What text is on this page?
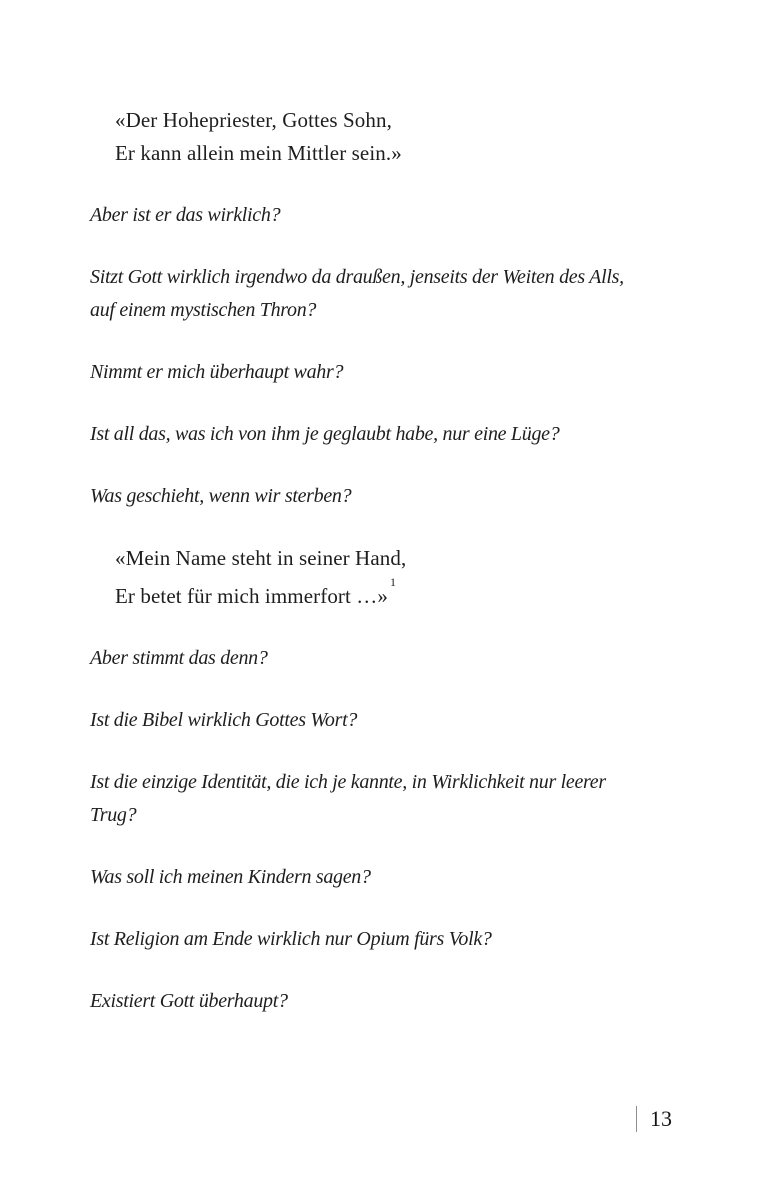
«Der Hohepriester, Gottes Sohn,
Er kann allein mein Mittler sein.»
Aber ist er das wirklich?
Sitzt Gott wirklich irgendwo da draußen, jenseits der Weiten des Alls,
auf einem mystischen Thron?
Nimmt er mich überhaupt wahr?
Ist all das, was ich von ihm je geglaubt habe, nur eine Lüge?
Was geschieht, wenn wir sterben?
«Mein Name steht in seiner Hand,
Er betet für mich immerfort …»$^1$
Aber stimmt das denn?
Ist die Bibel wirklich Gottes Wort?
Ist die einzige Identität, die ich je kannte, in Wirklichkeit nur leerer
Trug?
Was soll ich meinen Kindern sagen?
Ist Religion am Ende wirklich nur Opium fürs Volk?
Existiert Gott überhaupt?
13
